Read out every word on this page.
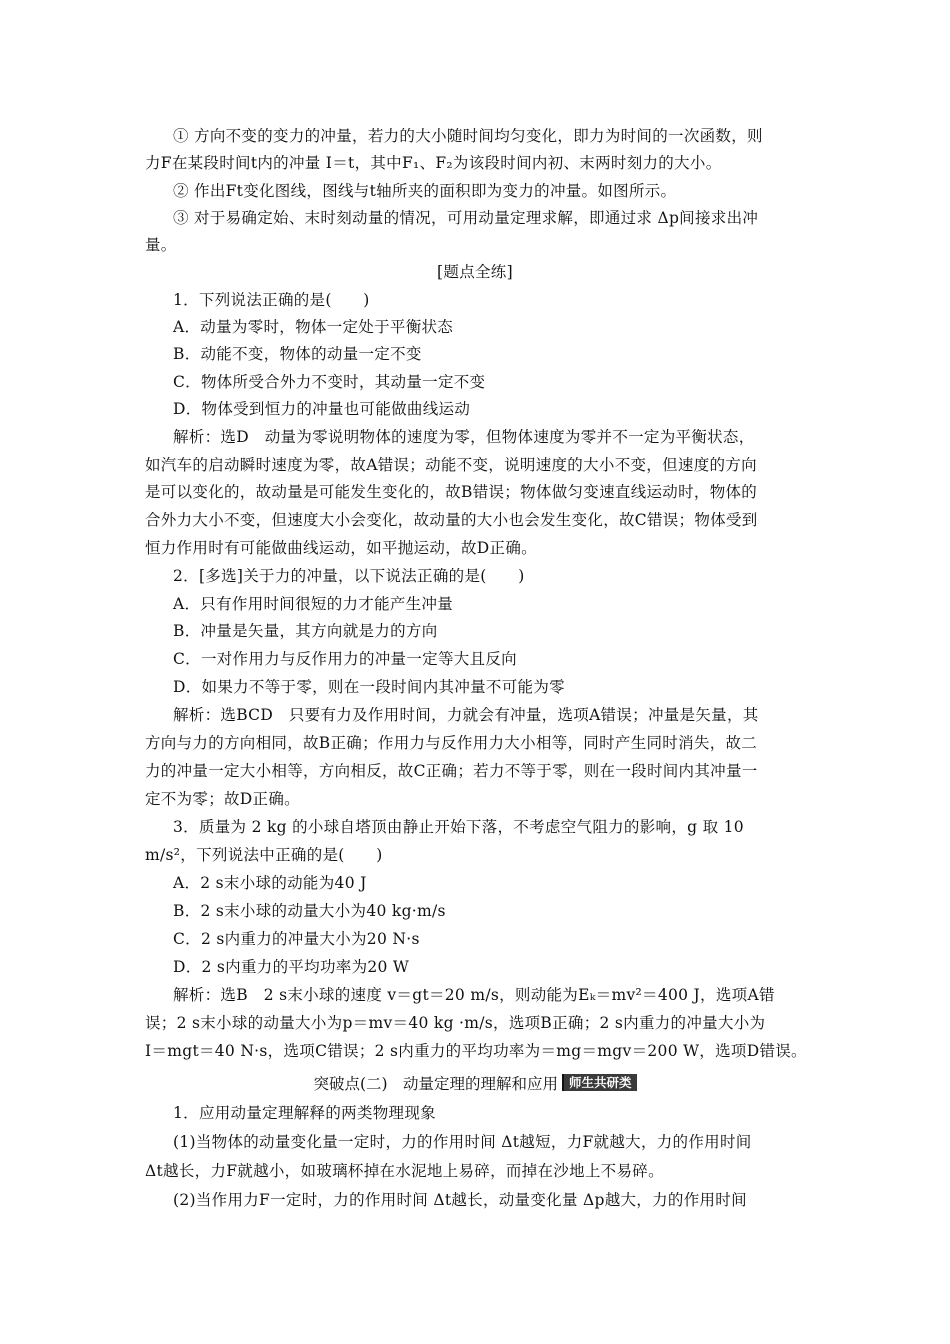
① 方向不变的变力的冲量，若力的大小随时间均匀变化，即力为时间的一次函数，则
力F在某段时间t内的冲量 I＝t，其中F₁、F₂为该段时间内初、末两时刻力的大小。
② 作出Ft变化图线，图线与t轴所夹的面积即为变力的冲量。如图所示。
③ 对于易确定始、末时刻动量的情况，可用动量定理求解，即通过求 Δp间接求出冲
量。
[题点全练]
1．下列说法正确的是(　　)
A．动量为零时，物体一定处于平衡状态
B．动能不变，物体的动量一定不变
C．物体所受合外力不变时，其动量一定不变
D．物体受到恒力的冲量也可能做曲线运动
解析：选D　动量为零说明物体的速度为零，但物体速度为零并不一定为平衡状态，
如汽车的启动瞬时速度为零，故A错误；动能不变，说明速度的大小不变，但速度的方向
是可以变化的，故动量是可能发生变化的，故B错误；物体做匀变速直线运动时，物体的
合外力大小不变，但速度大小会变化，故动量的大小也会发生变化，故C错误；物体受到
恒力作用时有可能做曲线运动，如平抛运动，故D正确。
2．[多选]关于力的冲量，以下说法正确的是(　　)
A．只有作用时间很短的力才能产生冲量
B．冲量是矢量，其方向就是力的方向
C．一对作用力与反作用力的冲量一定等大且反向
D．如果力不等于零，则在一段时间内其冲量不可能为零
解析：选BCD　只要有力及作用时间，力就会有冲量，选项A错误；冲量是矢量，其
方向与力的方向相同，故B正确；作用力与反作用力大小相等，同时产生同时消失，故二
力的冲量一定大小相等，方向相反，故C正确；若力不等于零，则在一段时间内其冲量一
定不为零；故D正确。
3．质量为 2 kg 的小球自塔顶由静止开始下落，不考虑空气阻力的影响，g 取 10
m/s²，下列说法中正确的是(　　)
A．2 s末小球的动能为40 J
B．2 s末小球的动量大小为40 kg·m/s
C．2 s内重力的冲量大小为20 N·s
D．2 s内重力的平均功率为20 W
解析：选B　2 s末小球的速度 v＝gt＝20 m/s，则动能为Eₖ＝mv²＝400 J，选项A错
误；2 s末小球的动量大小为p＝mv＝40 kg ·m/s，选项B正确；2 s内重力的冲量大小为
I＝mgt＝40 N·s，选项C错误；2 s内重力的平均功率为＝mg＝mgv＝200 W，选项D错误。
突破点(二)　动量定理的理解和应用 师生共研类
1．应用动量定理解释的两类物理现象
(1)当物体的动量变化量一定时，力的作用时间 Δt越短，力F就越大，力的作用时间
Δt越长，力F就越小，如玻璃杯掉在水泥地上易碎，而掉在沙地上不易碎。
(2)当作用力F一定时，力的作用时间 Δt越长，动量变化量 Δp越大，力的作用时间
